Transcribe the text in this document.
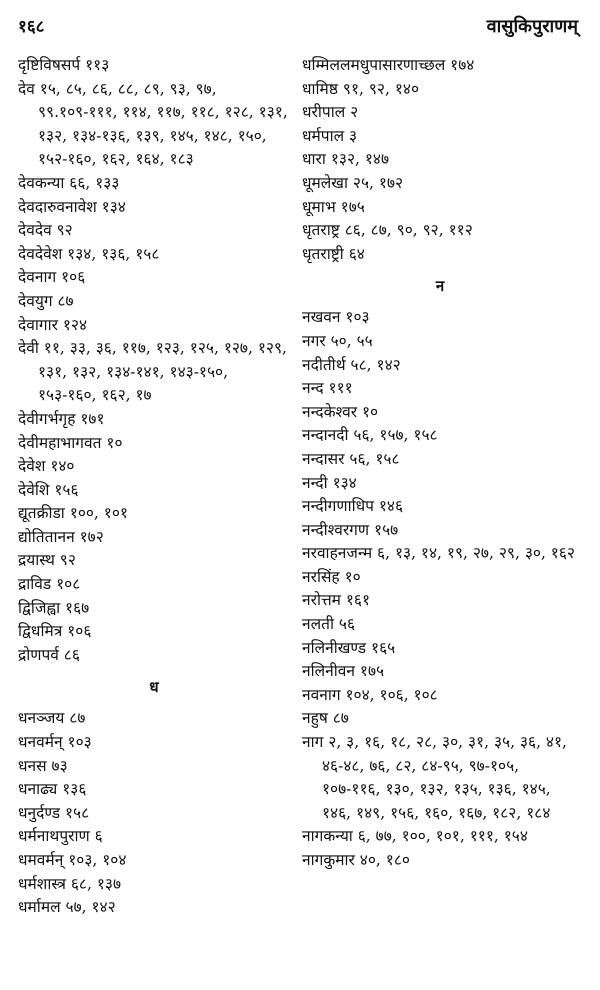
१६८	वासुकिपुराणम्
दृष्टिविषसर्प ११३
देव १५, ८५, ८६, ८८, ८९, ९३, ९७, ९९.१०९-१११, ११४, ११७, ११८, १२८, १३१, १३२, १३४-१३६, १३९, १४५, १४८, १५०, १५२-१६०, १६२, १६४, १८३
देवकन्या ६६, १३३
देवदारुवनावेश १३४
देवदेव ९२
देवदेवेश १३४, १३६, १५८
देवनाग १०६
देवयुग ८७
देवागार १२४
देवी ११, ३३, ३६, ११७, १२३, १२५, १२७, १२९, १३१, १३२, १३४-१४१, १४३-१५०, १५३-१६०, १६२, १७
देवीगर्भगृह १७१
देवीमहाभागवत १०
देवेश १४०
देवेशि १५६
द्यूतक्रीडा १००, १०१
द्योतितानन १७२
द्रयास्थ ९२
द्राविड १०८
द्विजिह्वा १६७
द्विधमित्र १०६
द्रोणपर्व ८६
ध
धनञ्जय ८७
धनवर्मन् १०३
धनस ७३
धनाढ्य १३६
धनुर्दण्ड १५८
धर्मनाथपुराण ६
धमवर्मन् १०३, १०४
धर्मशास्त्र ६८, १३७
धर्मामल ५७, १४२
धम्मिललमधुपासारणाच्छल १७४
धामिष्ठ ९१, ९२, १४०
धरीपाल २
धर्मपाल ३
धारा १३२, १४७
धूमलेखा २५, १७२
धूमाभ १७५
धृतराष्ट्र ८६, ८७, ९०, ९२, ११२
धृतराष्ट्री ६४
न
नखवन १०३
नगर ५०, ५५
नदीतीर्थ ५८, १४२
नन्द १११
नन्दकेश्वर १०
नन्दानदी ५६, १५७, १५८
नन्दासर ५६, १५८
नन्दी १३४
नन्दीगणाधिप १४६
नन्दीश्वरगण १५७
नरवाहनजन्म ६, १३, १४, १९, २७, २९, ३०, १६२
नरसिंह १०
नरोत्तम १६१
नलती ५६
नलिनीखण्ड १६५
नलिनीवन १७५
नवनाग १०४, १०६, १०८
नहुष ८७
नाग २, ३, १६, १८, २८, ३०, ३१, ३५, ३६, ४१, ४६-४८, ७६, ८२, ८४-९५, ९७-१०५, १०७-११६, १३०, १३२, १३५, १३६, १४५, १४६, १४९, १५६, १६०, १६७, १८२, १८४
नागकन्या ६, ७७, १००, १०१, १११, १५४
नागकुमार ४०, १८०
